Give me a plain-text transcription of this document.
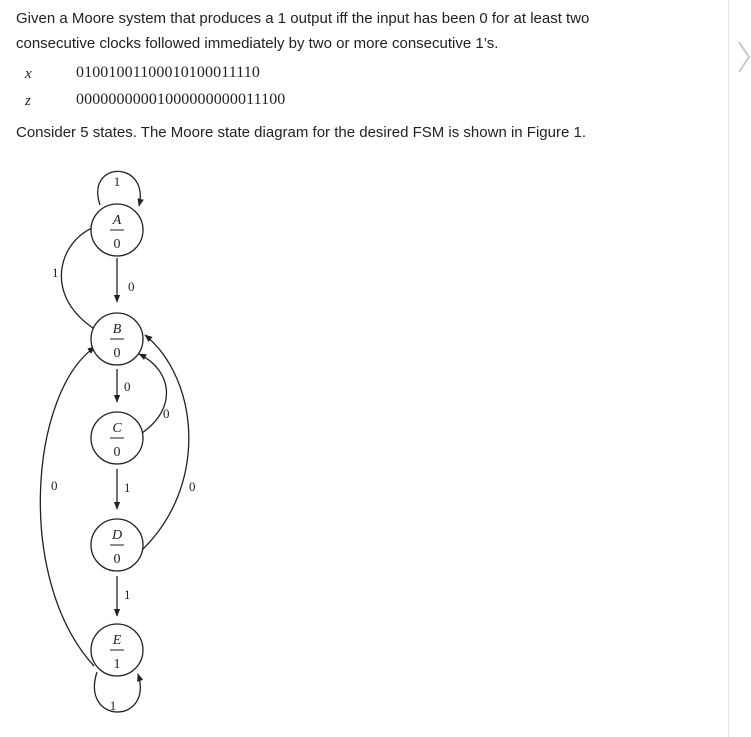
Given a Moore system that produces a 1 output iff the input has been 0 for at least two consecutive clocks followed immediately by two or more consecutive 1’s.

x	01001001100010100011110
z	00000000001000000000011100

Consider 5 states. The Moore state diagram for the desired FSM is shown in Figure 1.

1
0
1
0
0
1	0
1
0
1
A
0
B
0
C
0
D
0
E
1
